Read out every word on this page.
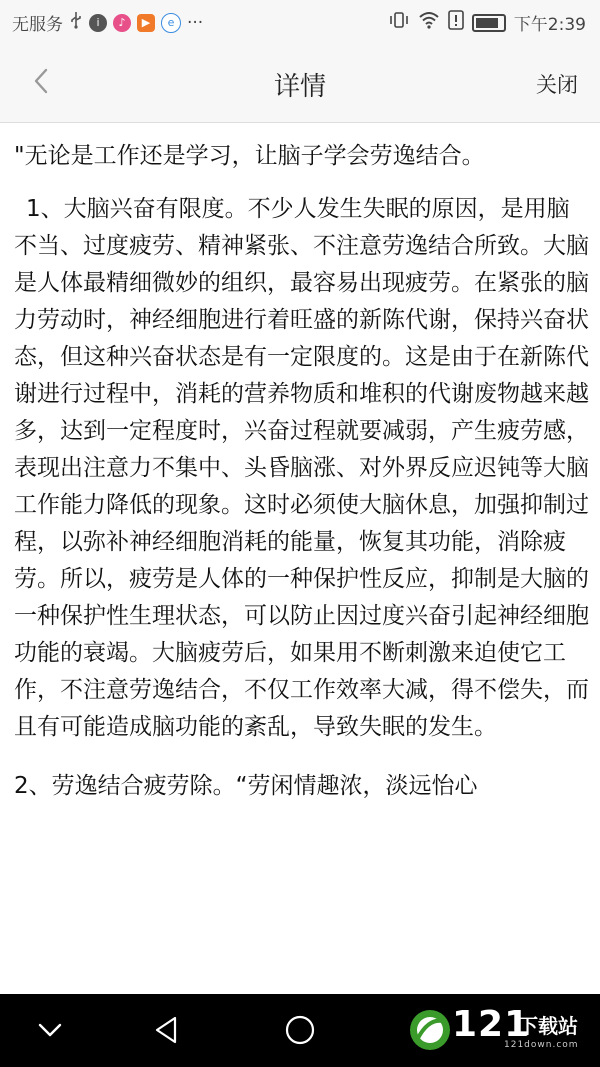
无服务	i	♪	▶	e ···	下午2:39
详情	关闭

"无论是工作还是学习，让脑子学会劳逸结合。

1、大脑兴奋有限度。不少人发生失眠的原因，是用脑不当、过度疲劳、精神紧张、不注意劳逸结合所致。大脑是人体最精细微妙的组织，最容易出现疲劳。在紧张的脑力劳动时，神经细胞进行着旺盛的新陈代谢，保持兴奋状态，但这种兴奋状态是有一定限度的。这是由于在新陈代谢进行过程中，消耗的营养物质和堆积的代谢废物越来越多，达到一定程度时，兴奋过程就要减弱，产生疲劳感，表现出注意力不集中、头昏脑涨、对外界反应迟钝等大脑工作能力降低的现象。这时必须使大脑休息，加强抑制过程，以弥补神经细胞消耗的能量，恢复其功能，消除疲劳。所以，疲劳是人体的一种保护性反应，抑制是大脑的一种保护性生理状态，可以防止因过度兴奋引起神经细胞功能的衰竭。大脑疲劳后，如果用不断刺激来迫使它工作，不注意劳逸结合，不仅工作效率大减，得不偿失，而且有可能造成脑功能的紊乱，导致失眠的发生。

2、劳逸结合疲劳除。“劳闲情趣浓，淡远怡心

121
下载站
121down.com
